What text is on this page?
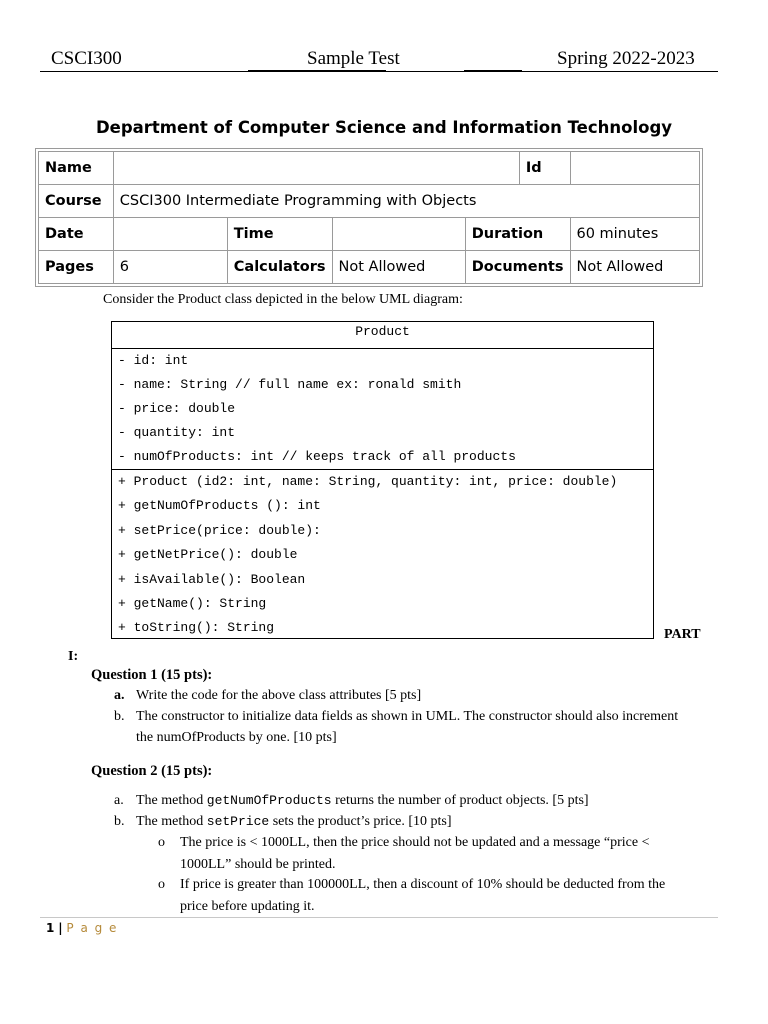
CSCI300	Sample Test	Spring 2022-2023
Department of Computer Science and Information Technology
Name					Id	
Course	CSCI300 Intermediate Programming with Objects					
Date		Time		Duration		60 minutes
Pages	6	Calculators	Not Allowed	Documents		Not Allowed
Consider the Product class depicted in the below UML diagram:
Product
- id: int
- name: String // full name ex: ronald smith
- price: double
- quantity: int
- numOfProducts: int // keeps track of all products
+ Product (id2: int, name: String, quantity: int, price: double)
+ getNumOfProducts (): int
+ setPrice(price: double):
+ getNetPrice(): double
+ isAvailable(): Boolean
+ getName(): String
+ toString(): String	PART
I:
Question 1 (15 pts):
a. Write the code for the above class attributes [5 pts]
b. The constructor to initialize data fields as shown in UML. The constructor should also increment
the numOfProducts by one. [10 pts]
Question 2 (15 pts):
a. The method getNumOfProducts returns the number of product objects. [5 pts]
b. The method setPrice sets the product’s price. [10 pts]
o The price is < 1000LL, then the price should not be updated and a message “price <
1000LL” should be printed.
o If price is greater than 100000LL, then a discount of 10% should be deducted from the
price before updating it.
1 | P a g e
